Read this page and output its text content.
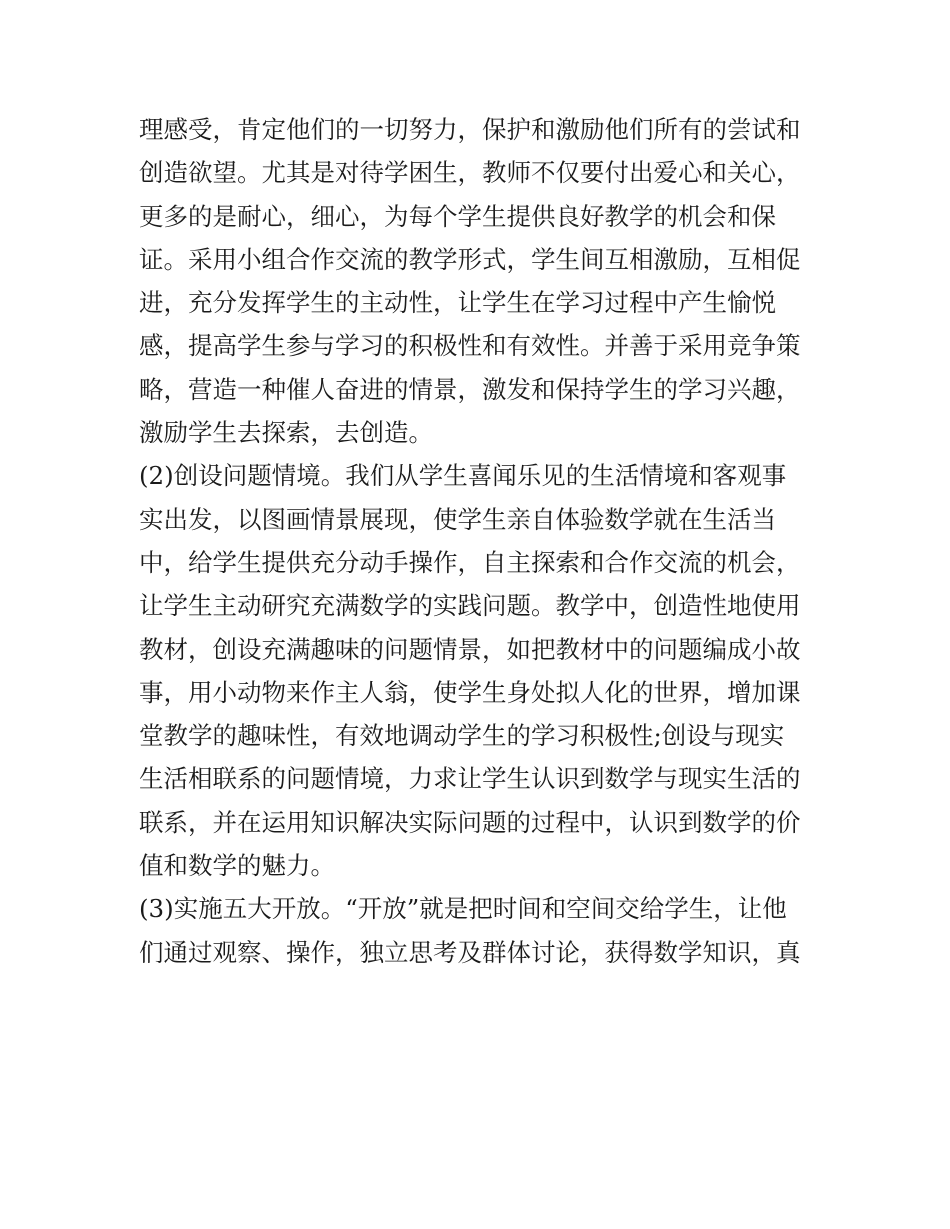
理感受，肯定他们的一切努力，保护和激励他们所有的尝试和
创造欲望。尤其是对待学困生，教师不仅要付出爱心和关心，
更多的是耐心，细心，为每个学生提供良好教学的机会和保
证。采用小组合作交流的教学形式，学生间互相激励，互相促
进，充分发挥学生的主动性，让学生在学习过程中产生愉悦
感，提高学生参与学习的积极性和有效性。并善于采用竞争策
略，营造一种催人奋进的情景，激发和保持学生的学习兴趣，
激励学生去探索，去创造。
(2)创设问题情境。我们从学生喜闻乐见的生活情境和客观事
实出发，以图画情景展现，使学生亲自体验数学就在生活当
中，给学生提供充分动手操作，自主探索和合作交流的机会，
让学生主动研究充满数学的实践问题。教学中，创造性地使用
教材，创设充满趣味的问题情景，如把教材中的问题编成小故
事，用小动物来作主人翁，使学生身处拟人化的世界，增加课
堂教学的趣味性，有效地调动学生的学习积极性;创设与现实
生活相联系的问题情境，力求让学生认识到数学与现实生活的
联系，并在运用知识解决实际问题的过程中，认识到数学的价
值和数学的魅力。
(3)实施五大开放。“开放”就是把时间和空间交给学生，让他
们通过观察、操作，独立思考及群体讨论，获得数学知识，真
